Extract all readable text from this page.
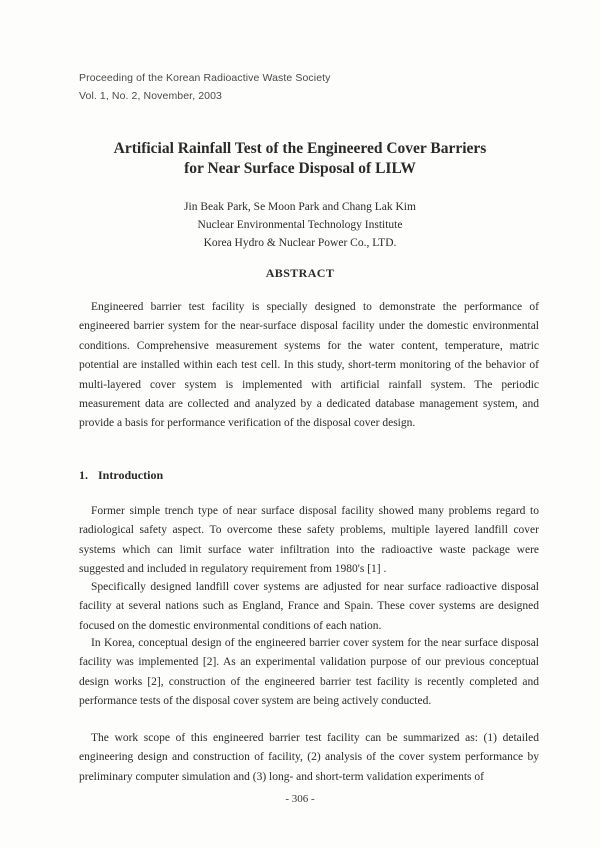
Proceeding of the Korean Radioactive Waste Society
Vol. 1, No. 2, November, 2003
Artificial Rainfall Test of the Engineered Cover Barriers
for Near Surface Disposal of LILW
Jin Beak Park, Se Moon Park and Chang Lak Kim
Nuclear Environmental Technology Institute
Korea Hydro & Nuclear Power Co., LTD.
ABSTRACT

Engineered barrier test facility is specially designed to demonstrate the performance of engineered barrier system for the near-surface disposal facility under the domestic environmental conditions. Comprehensive measurement systems for the water content, temperature, matric potential are installed within each test cell. In this study, short-term monitoring of the behavior of multi-layered cover system is implemented with artificial rainfall system. The periodic measurement data are collected and analyzed by a dedicated database management system, and provide a basis for performance verification of the disposal cover design.

1. Introduction

Former simple trench type of near surface disposal facility showed many problems regard to radiological safety aspect. To overcome these safety problems, multiple layered landfill cover systems which can limit surface water infiltration into the radioactive waste package were suggested and included in regulatory requirement from 1980's [1] .

Specifically designed landfill cover systems are adjusted for near surface radioactive disposal facility at several nations such as England, France and Spain. These cover systems are designed focused on the domestic environmental conditions of each nation.

In Korea, conceptual design of the engineered barrier cover system for the near surface disposal facility was implemented [2]. As an experimental validation purpose of our previous conceptual design works [2], construction of the engineered barrier test facility is recently completed and performance tests of the disposal cover system are being actively conducted.

The work scope of this engineered barrier test facility can be summarized as: (1) detailed engineering design and construction of facility, (2) analysis of the cover system performance by preliminary computer simulation and (3) long- and short-term validation experiments of

- 306 -
